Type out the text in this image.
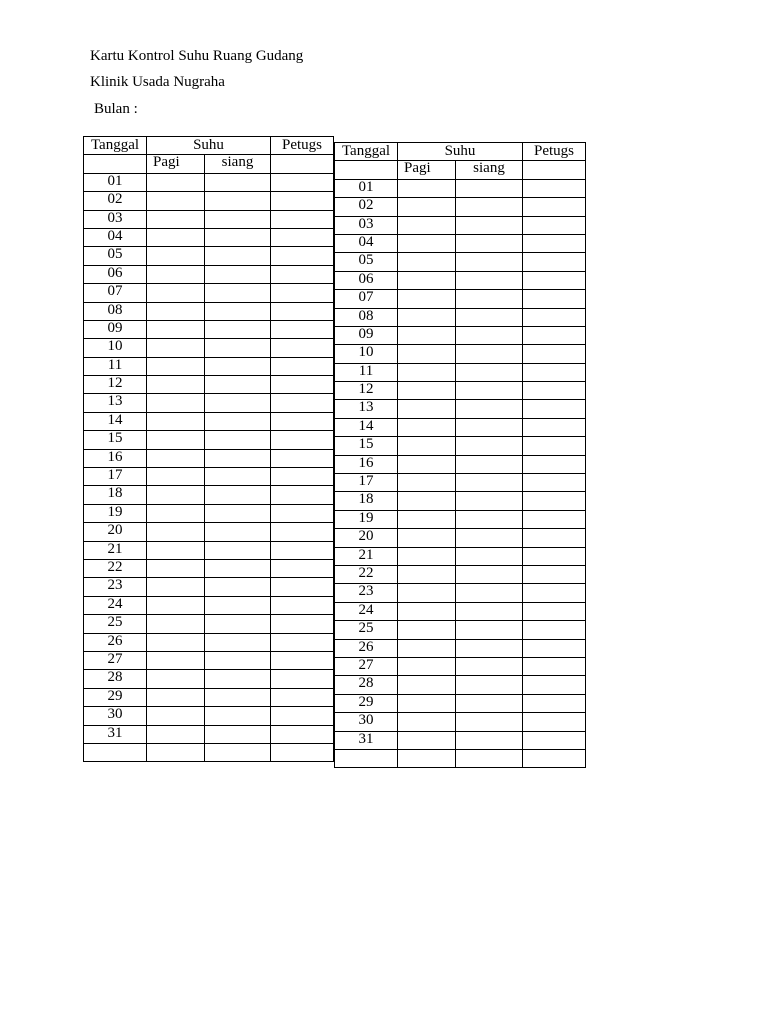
Kartu Kontrol Suhu Ruang Gudang
Klinik Usada Nugraha
Bulan :
Tanggal	Suhu		Petugs
	Pagi	siang	
01			
02			
03			
04			
05			
06			
07			
08			
09			
10			
11			
12			
13			
14			
15			
16			
17			
18			
19			
20			
21			
22			
23			
24			
25			
26			
27			
28			
29			
30			
31			

Tanggal	Suhu		Petugs
	Pagi	siang	
01			
02			
03			
04			
05			
06			
07			
08			
09			
10			
11			
12			
13			
14			
15			
16			
17			
18			
19			
20			
21			
22			
23			
24			
25			
26			
27			
28			
29			
30			
31			
